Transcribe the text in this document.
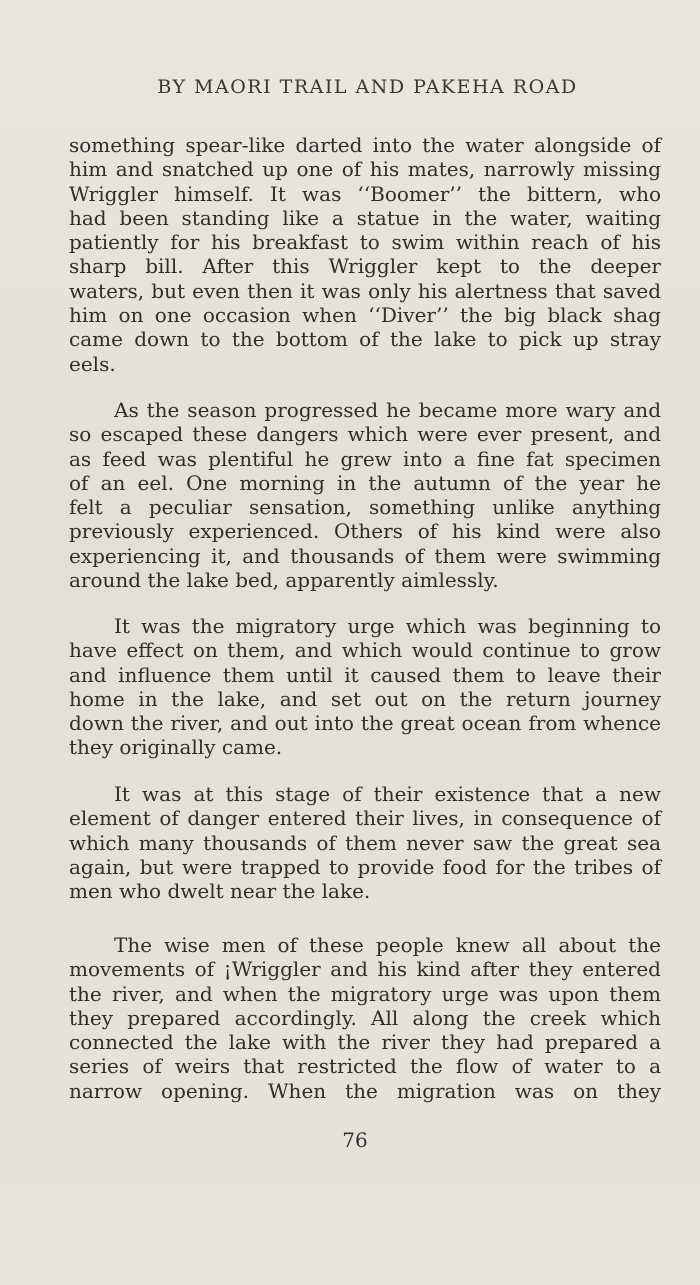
BY MAORI TRAIL AND PAKEHA ROAD

something spear-like darted into the water alongside of
him and snatched up one of his mates, narrowly missing
Wriggler himself. It was ‘‘Boomer’’ the bittern, who
had been standing like a statue in the water, waiting
patiently for his breakfast to swim within reach of his
sharp bill. After this Wriggler kept to the deeper
waters, but even then it was only his alertness that saved
him on one occasion when ‘‘Diver’’ the big black shag
came down to the bottom of the lake to pick up stray
eels.

As the season progressed he became more wary and
so escaped these dangers which were ever present, and
as feed was plentiful he grew into a fine fat specimen
of an eel. One morning in the autumn of the year he
felt a peculiar sensation, something unlike anything
previously experienced. Others of his kind were also
experiencing it, and thousands of them were swimming
around the lake bed, apparently aimlessly.

It was the migratory urge which was beginning to
have effect on them, and which would continue to grow
and influence them until it caused them to leave their
home in the lake, and set out on the return journey
down the river, and out into the great ocean from whence
they originally came.

It was at this stage of their existence that a new
element of danger entered their lives, in consequence of
which many thousands of them never saw the great sea
again, but were trapped to provide food for the tribes of
men who dwelt near the lake.

The wise men of these people knew all about the
movements of ¡Wriggler and his kind after they entered
the river, and when the migratory urge was upon them
they prepared accordingly. All along the creek which
connected the lake with the river they had prepared a
series of weirs that restricted the flow of water to a
narrow opening. When the migration was on they

76
